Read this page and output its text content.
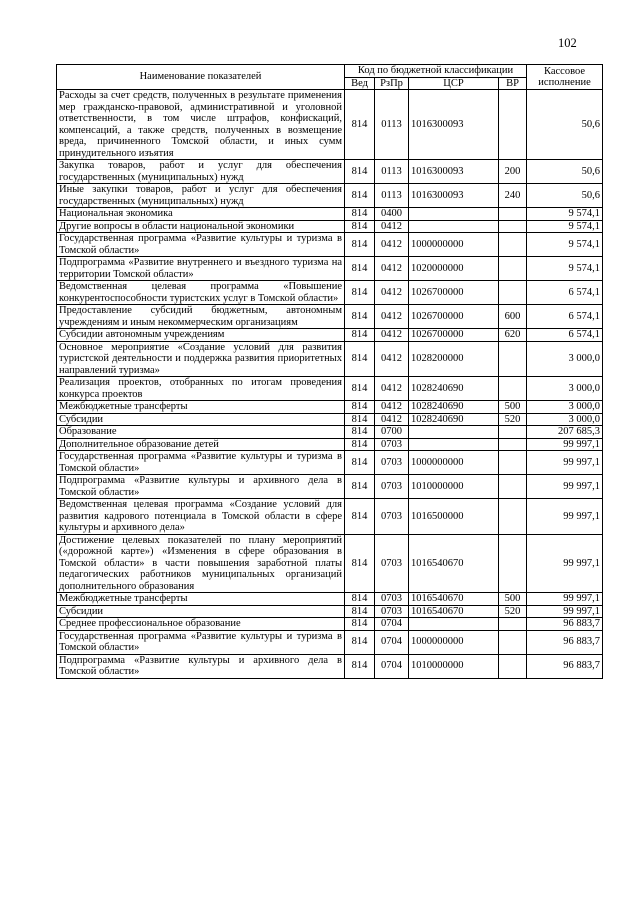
102
Наименование показателей	Код по бюджетной классификации				Кассовое исполнение
	Вед	РзПр	ЦСР	ВР	
Расходы за счет средств, полученных в результате применения мер гражданско-правовой, административной и уголовной ответственности, в том числе штрафов, конфискаций, компенсаций, а также средств, полученных в возмещение вреда, причиненного Томской области, и иных сумм принудительного изъятия	814	0113	1016300093		50,6
Закупка товаров, работ и услуг для обеспечения государственных (муниципальных) нужд	814	0113	1016300093	200	50,6
Иные закупки товаров, работ и услуг для обеспечения государственных (муниципальных) нужд	814	0113	1016300093	240	50,6
Национальная экономика	814	0400			9 574,1
Другие вопросы в области национальной экономики	814	0412			9 574,1
Государственная программа «Развитие культуры и туризма в Томской области»	814	0412	1000000000		9 574,1
Подпрограмма «Развитие внутреннего и въездного туризма на территории Томской области»	814	0412	1020000000		9 574,1
Ведомственная целевая программа «Повышение конкурентоспособности туристских услуг в Томской области»	814	0412	1026700000		6 574,1
Предоставление субсидий бюджетным, автономным учреждениям и иным некоммерческим организациям	814	0412	1026700000	600	6 574,1
Субсидии автономным учреждениям	814	0412	1026700000	620	6 574,1
Основное мероприятие «Создание условий для развития туристской деятельности и поддержка развития приоритетных направлений туризма»	814	0412	1028200000		3 000,0
Реализация проектов, отобранных по итогам проведения конкурса проектов	814	0412	1028240690		3 000,0
Межбюджетные трансферты	814	0412	1028240690	500	3 000,0
Субсидии	814	0412	1028240690	520	3 000,0
Образование	814	0700			207 685,3
Дополнительное образование детей	814	0703			99 997,1
Государственная программа «Развитие культуры и туризма в Томской области»	814	0703	1000000000		99 997,1
Подпрограмма «Развитие культуры и архивного дела в Томской области»	814	0703	1010000000		99 997,1
Ведомственная целевая программа «Создание условий для развития кадрового потенциала в Томской области в сфере культуры и архивного дела»	814	0703	1016500000		99 997,1
Достижение целевых показателей по плану мероприятий («дорожной карте») «Изменения в сфере образования в Томской области» в части повышения заработной платы педагогических работников муниципальных организаций дополнительного образования	814	0703	1016540670		99 997,1
Межбюджетные трансферты	814	0703	1016540670	500	99 997,1
Субсидии	814	0703	1016540670	520	99 997,1
Среднее профессиональное образование	814	0704			96 883,7
Государственная программа «Развитие культуры и туризма в Томской области»	814	0704	1000000000		96 883,7
Подпрограмма «Развитие культуры и архивного дела в Томской области»	814	0704	1010000000		96 883,7
